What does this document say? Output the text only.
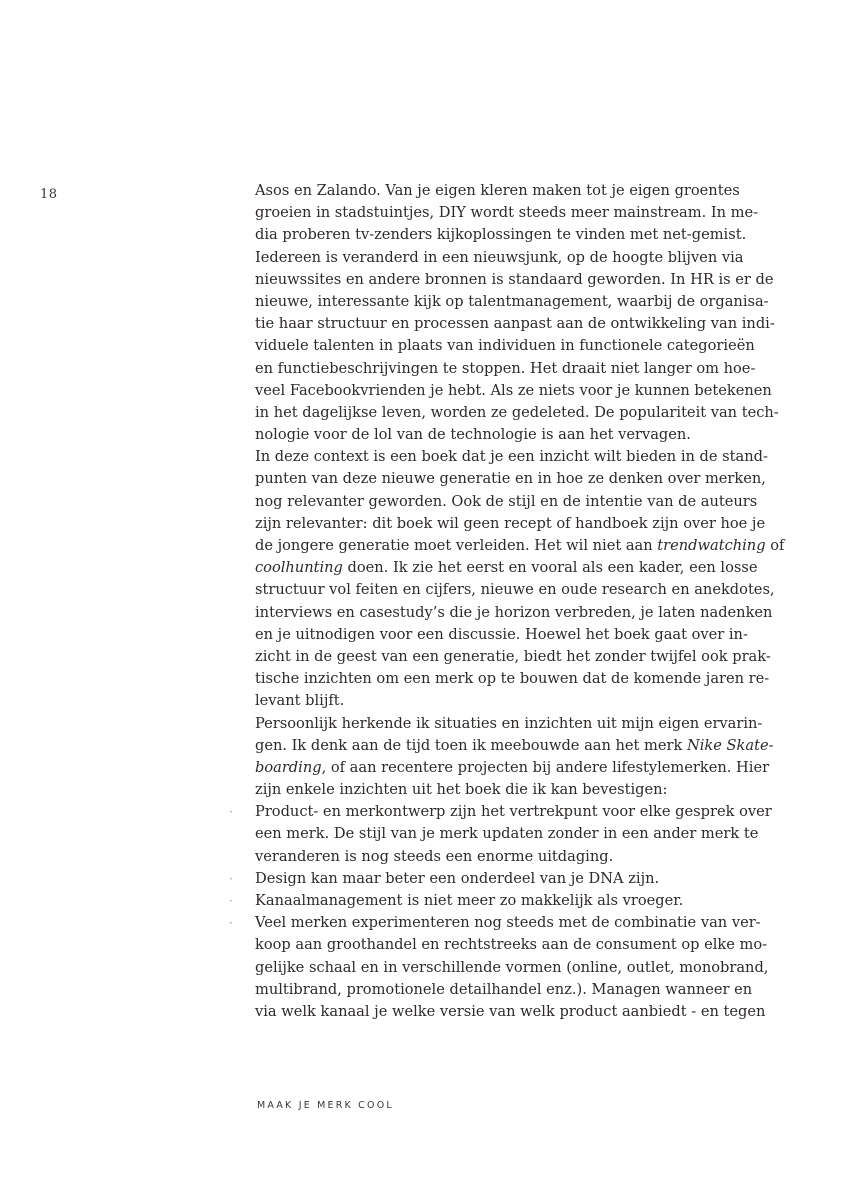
18	Asos en Zalando. Van je eigen kleren maken tot je eigen groentes
groeien in stadstuintjes, DIY wordt steeds meer mainstream. In me-
dia proberen tv-zenders kijkoplossingen te vinden met net-gemist.
Iedereen is veranderd in een nieuwsjunk, op de hoogte blijven via
nieuwssites en andere bronnen is standaard geworden. In HR is er de
nieuwe, interessante kijk op talentmanagement, waarbij de organisa-
tie haar structuur en processen aanpast aan de ontwikkeling van indi-
viduele talenten in plaats van individuen in functionele categorieën
en functiebeschrijvingen te stoppen. Het draait niet langer om hoe-
veel Facebookvrienden je hebt. Als ze niets voor je kunnen betekenen
in het dagelijkse leven, worden ze gedeleted. De populariteit van tech-
nologie voor de lol van de technologie is aan het vervagen.
In deze context is een boek dat je een inzicht wilt bieden in de stand-
punten van deze nieuwe generatie en in hoe ze denken over merken,
nog relevanter geworden. Ook de stijl en de intentie van de auteurs
zijn relevanter: dit boek wil geen recept of handboek zijn over hoe je
de jongere generatie moet verleiden. Het wil niet aan trendwatching of
coolhunting doen. Ik zie het eerst en vooral als een kader, een losse
structuur vol feiten en cijfers, nieuwe en oude research en anekdotes,
interviews en casestudy’s die je horizon verbreden, je laten nadenken
en je uitnodigen voor een discussie. Hoewel het boek gaat over in-
zicht in de geest van een generatie, biedt het zonder twijfel ook prak-
tische inzichten om een merk op te bouwen dat de komende jaren re-
levant blijft.
Persoonlijk herkende ik situaties en inzichten uit mijn eigen ervarin-
gen. Ik denk aan de tijd toen ik meebouwde aan het merk Nike Skate-
boarding, of aan recentere projecten bij andere lifestylemerken. Hier
zijn enkele inzichten uit het boek die ik kan bevestigen:
· Product- en merkontwerp zijn het vertrekpunt voor elke gesprek over
een merk. De stijl van je merk updaten zonder in een ander merk te
veranderen is nog steeds een enorme uitdaging.
· Design kan maar beter een onderdeel van je DNA zijn.
· Kanaalmanagement is niet meer zo makkelijk als vroeger.
· Veel merken experimenteren nog steeds met de combinatie van ver-
koop aan groothandel en rechtstreeks aan de consument op elke mo-
gelijke schaal en in verschillende vormen (online, outlet, monobrand,
multibrand, promotionele detailhandel enz.). Managen wanneer en
via welk kanaal je welke versie van welk product aanbiedt - en tegen
MAAK JE MERK COOL
